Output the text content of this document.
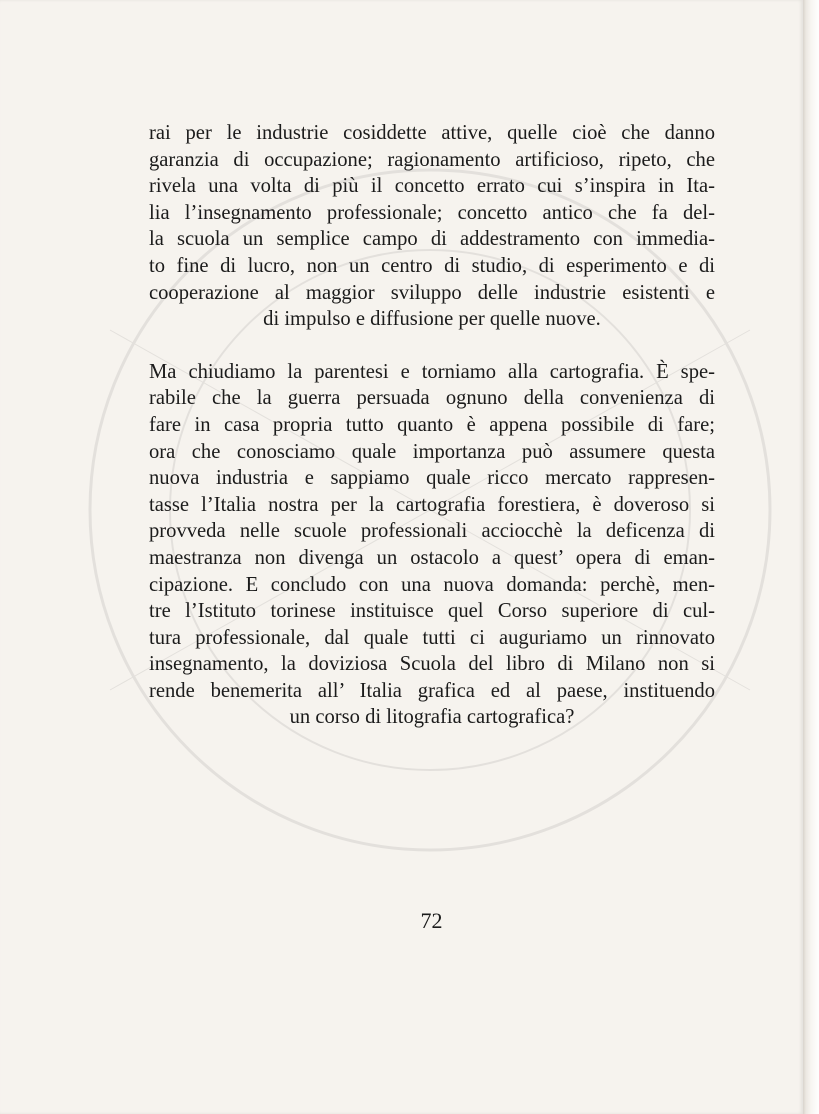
rai per le industrie cosiddette attive, quelle cioè che danno
garanzia di occupazione; ragionamento artificioso, ripeto, che
rivela una volta di più il concetto errato cui s’inspira in Ita-
lia l’insegnamento professionale; concetto antico che fa del-
la scuola un semplice campo di addestramento con immedia-
to fine di lucro, non un centro di studio, di esperimento e di
cooperazione al maggior sviluppo delle industrie esistenti e
di impulso e diffusione per quelle nuove.
Ma chiudiamo la parentesi e torniamo alla cartografia. È spe-
rabile che la guerra persuada ognuno della convenienza di
fare in casa propria tutto quanto è appena possibile di fare;
ora che conosciamo quale importanza può assumere questa
nuova industria e sappiamo quale ricco mercato rappresen-
tasse l’Italia nostra per la cartografia forestiera, è doveroso si
provveda nelle scuole professionali acciocchè la deficenza di
maestranza non divenga un ostacolo a quest’ opera di eman-
cipazione. E concludo con una nuova domanda: perchè, men-
tre l’Istituto torinese instituisce quel Corso superiore di cul-
tura professionale, dal quale tutti ci auguriamo un rinnovato
insegnamento, la doviziosa Scuola del libro di Milano non si
rende benemerita all’ Italia grafica ed al paese, instituendo
un corso di litografia cartografica?
72
